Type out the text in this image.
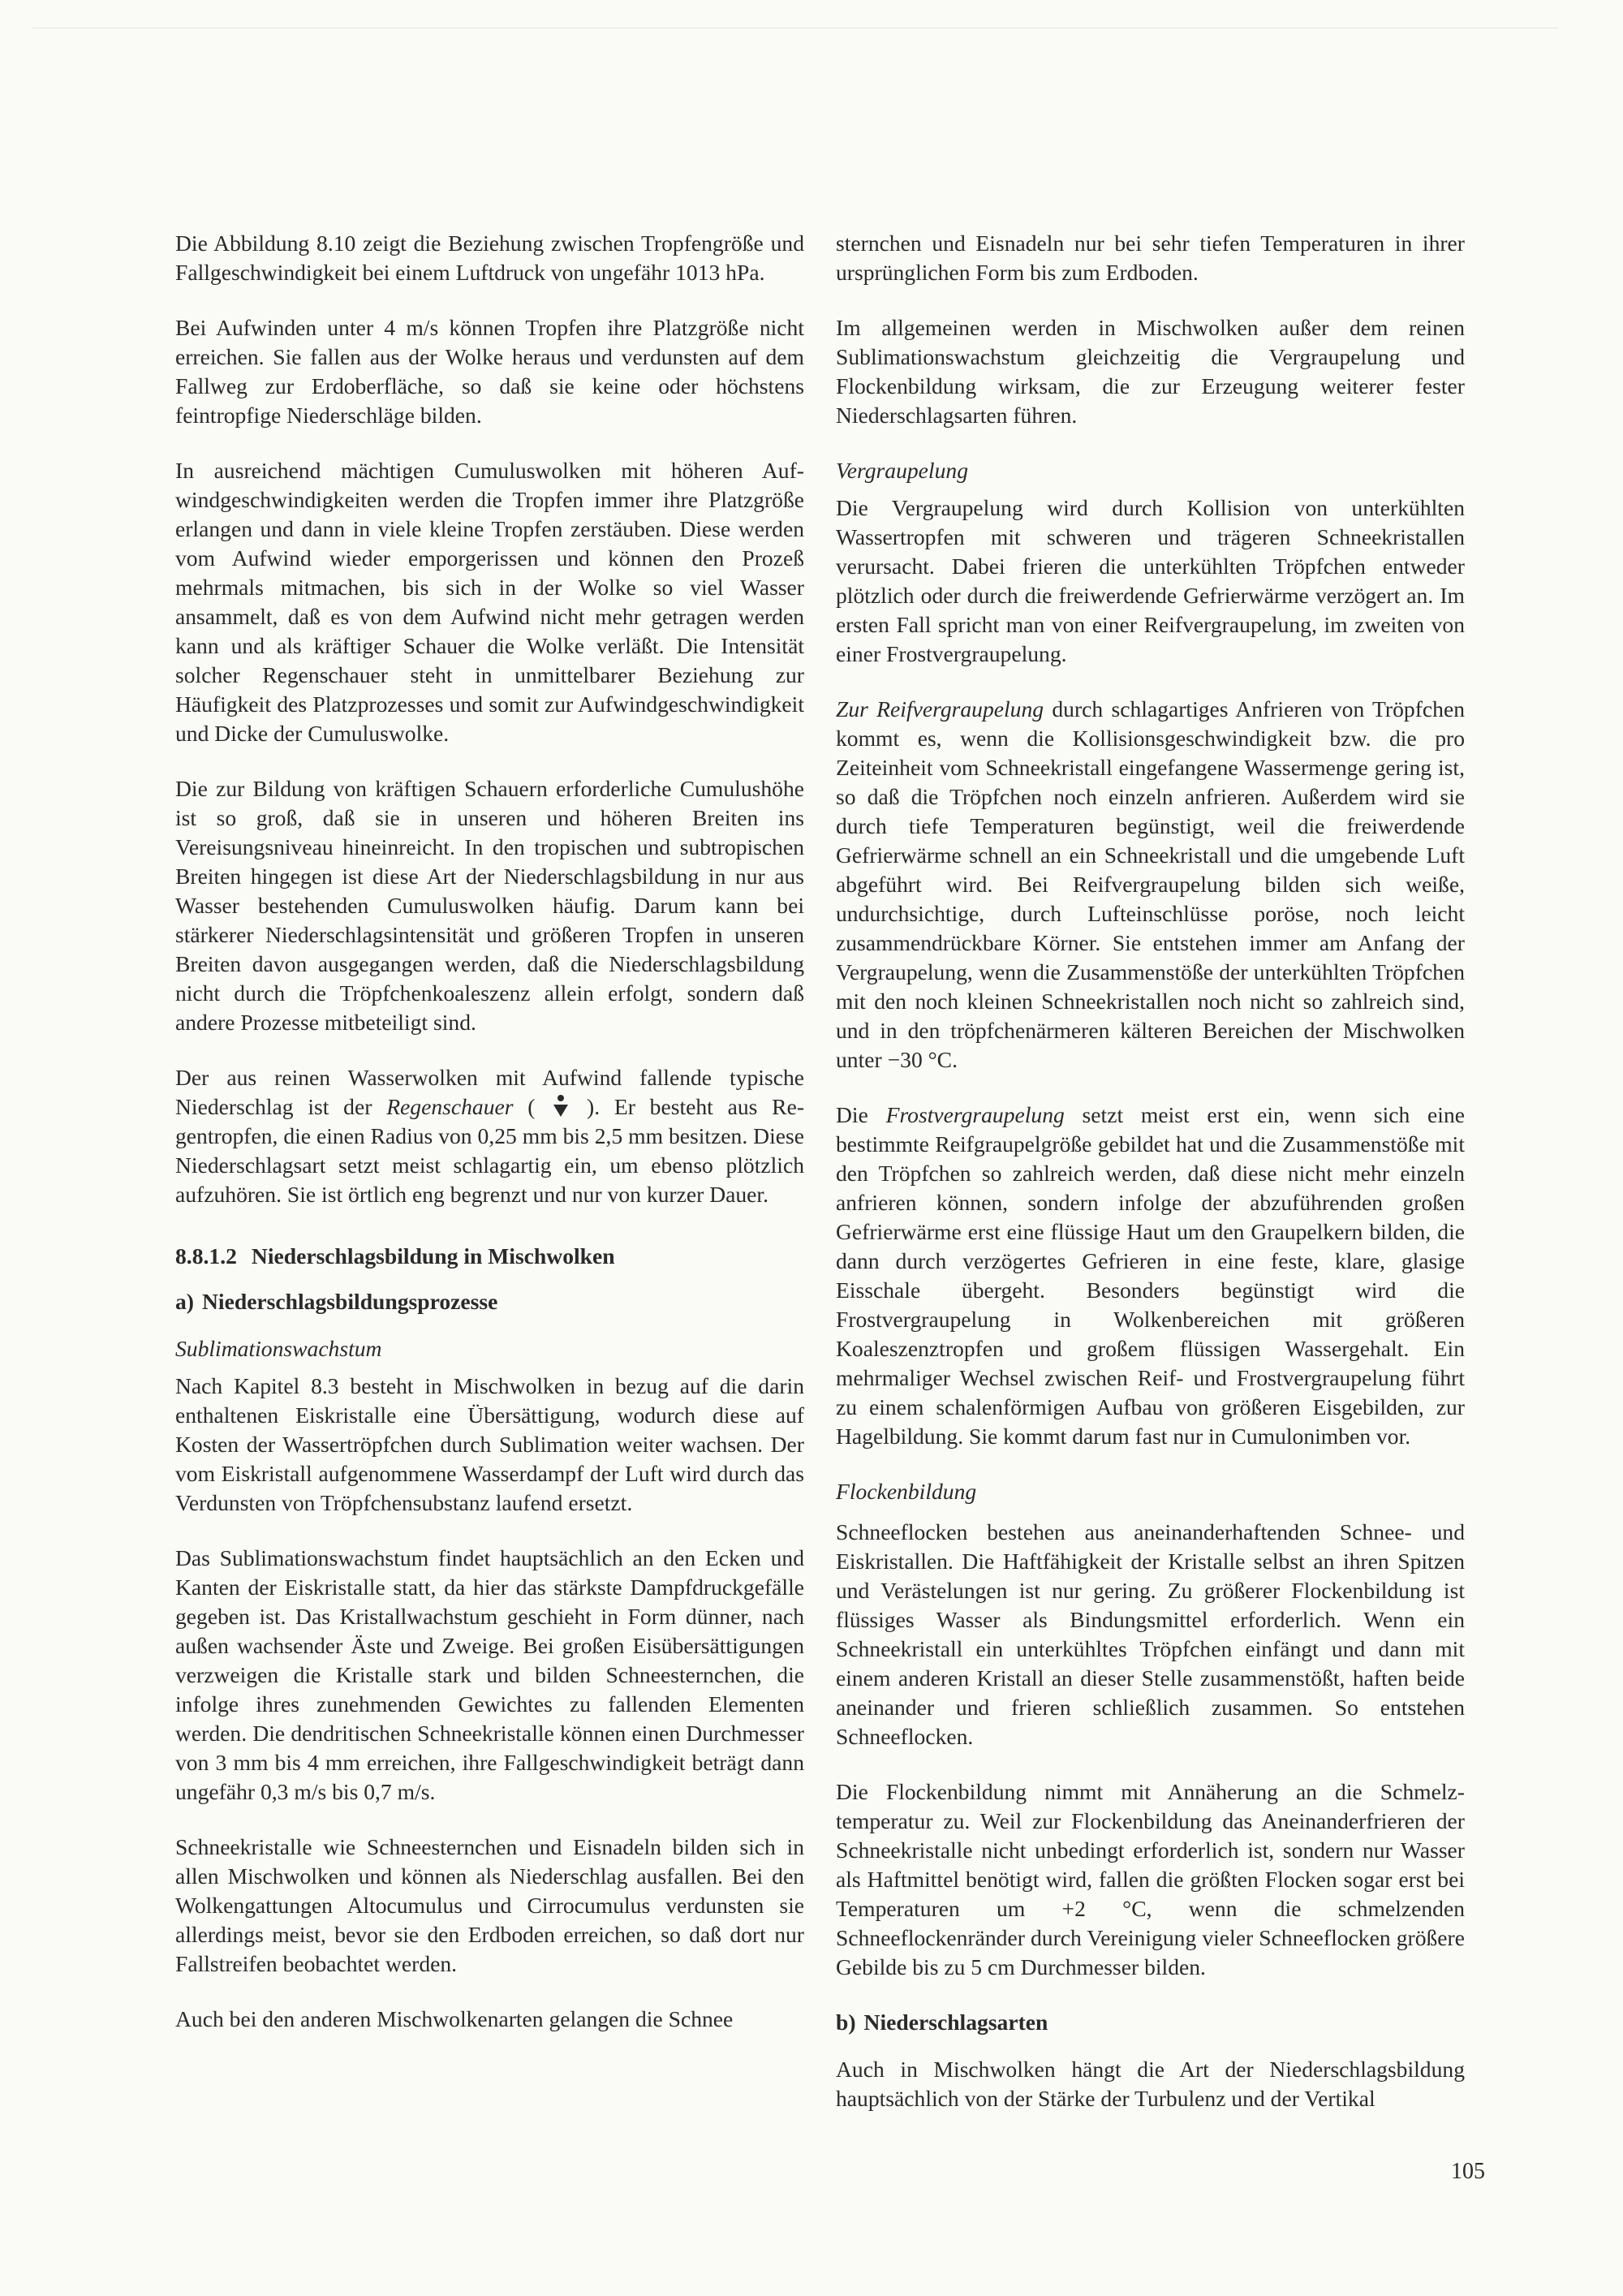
Die Abbildung 8.10 zeigt die Beziehung zwischen Tropfengröße und Fallgeschwindigkeit bei einem Luftdruck von ungefähr 1013 hPa.

Bei Aufwinden unter 4 m/s können Tropfen ihre Platzgröße nicht erreichen. Sie fallen aus der Wolke heraus und verdunsten auf dem Fallweg zur Erdoberfläche, so daß sie keine oder höchstens feintropfige Niederschläge bilden.

In ausreichend mächtigen Cumuluswolken mit höheren Aufwindgeschwindigkeiten werden die Tropfen immer ihre Platzgröße erlangen und dann in viele kleine Tropfen zerstäuben. Diese werden vom Aufwind wieder emporgerissen und können den Prozeß mehrmals mitmachen, bis sich in der Wolke so viel Wasser ansammelt, daß es von dem Aufwind nicht mehr getragen werden kann und als kräftiger Schauer die Wolke verläßt. Die Intensität solcher Regenschauer steht in unmittelbarer Beziehung zur Häufigkeit des Platzprozesses und somit zur Aufwindgeschwindigkeit und Dicke der Cumuluswolke.

Die zur Bildung von kräftigen Schauern erforderliche Cumulushöhe ist so groß, daß sie in unseren und höheren Breiten ins Vereisungsniveau hineinreicht. In den tropischen und subtropischen Breiten hingegen ist diese Art der Niederschlagsbildung in nur aus Wasser bestehenden Cumuluswolken häufig. Darum kann bei stärkerer Niederschlagsintensität und größeren Tropfen in unseren Breiten davon ausgegangen werden, daß die Niederschlagsbildung nicht durch die Tröpfchenkoaleszenz allein erfolgt, sondern daß andere Prozesse mitbeteiligt sind.

Der aus reinen Wasserwolken mit Aufwind fallende typische Niederschlag ist der Regenschauer (
). Er besteht aus Regentropfen, die einen Radius von 0,25 mm bis 2,5 mm besitzen. Diese Niederschlagsart setzt meist schlagartig ein, um ebenso plötzlich aufzuhören. Sie ist örtlich eng begrenzt und nur von kurzer Dauer.

8.8.1.2 Niederschlagsbildung in Mischwolken
a) Niederschlagsbildungsprozesse
Sublimationswachstum

Nach Kapitel 8.3 besteht in Mischwolken in bezug auf die darin enthaltenen Eiskristalle eine Übersättigung, wodurch diese auf Kosten der Wassertröpfchen durch Sublimation weiter wachsen. Der vom Eiskristall aufgenommene Wasserdampf der Luft wird durch das Verdunsten von Tröpfchensubstanz laufend ersetzt.

Das Sublimationswachstum findet hauptsächlich an den Ecken und Kanten der Eiskristalle statt, da hier das stärkste Dampfdruckgefälle gegeben ist. Das Kristallwachstum geschieht in Form dünner, nach außen wachsender Äste und Zweige. Bei großen Eisübersättigungen verzweigen die Kristalle stark und bilden Schneesternchen, die infolge ihres zunehmenden Gewichtes zu fallenden Elementen werden. Die dendritischen Schneekristalle können einen Durchmesser von 3 mm bis 4 mm erreichen, ihre Fallgeschwindigkeit beträgt dann ungefähr 0,3 m/s bis 0,7 m/s.

Schneekristalle wie Schneesternchen und Eisnadeln bilden sich in allen Mischwolken und können als Niederschlag ausfallen. Bei den Wolkengattungen Altocumulus und Cirrocumulus verdunsten sie allerdings meist, bevor sie den Erdboden erreichen, so daß dort nur Fallstreifen beobachtet werden.

Auch bei den anderen Mischwolkenarten gelangen die Schnee

sternchen und Eisnadeln nur bei sehr tiefen Temperaturen in ihrer ursprünglichen Form bis zum Erdboden.

Im allgemeinen werden in Mischwolken außer dem reinen Sublimationswachstum gleichzeitig die Vergraupelung und Flockenbildung wirksam, die zur Erzeugung weiterer fester Niederschlagsarten führen.

Vergraupelung

Die Vergraupelung wird durch Kollision von unterkühlten Wassertropfen mit schweren und trägeren Schneekristallen verursacht. Dabei frieren die unterkühlten Tröpfchen entweder plötzlich oder durch die freiwerdende Gefrierwärme verzögert an. Im ersten Fall spricht man von einer Reifvergraupelung, im zweiten von einer Frostvergraupelung.

Zur Reifvergraupelung durch schlagartiges Anfrieren von Tröpfchen kommt es, wenn die Kollisionsgeschwindigkeit bzw. die pro Zeiteinheit vom Schneekristall eingefangene Wassermenge gering ist, so daß die Tröpfchen noch einzeln anfrieren. Außerdem wird sie durch tiefe Temperaturen begünstigt, weil die freiwerdende Gefrierwärme schnell an ein Schneekristall und die umgebende Luft abgeführt wird. Bei Reifvergraupelung bilden sich weiße, undurchsichtige, durch Lufteinschlüsse poröse, noch leicht zusammendrückbare Körner. Sie entstehen immer am Anfang der Vergraupelung, wenn die Zusammenstöße der unterkühlten Tröpfchen mit den noch kleinen Schneekristallen noch nicht so zahlreich sind, und in den tröpfchenärmeren kälteren Bereichen der Mischwolken unter −30 °C.

Die Frostvergraupelung setzt meist erst ein, wenn sich eine bestimmte Reifgraupelgröße gebildet hat und die Zusammenstöße mit den Tröpfchen so zahlreich werden, daß diese nicht mehr einzeln anfrieren können, sondern infolge der abzuführenden großen Gefrierwärme erst eine flüssige Haut um den Graupelkern bilden, die dann durch verzögertes Gefrieren in eine feste, klare, glasige Eisschale übergeht. Besonders begünstigt wird die Frostvergraupelung in Wolkenbereichen mit größeren Koaleszenztropfen und großem flüssigen Wassergehalt. Ein mehrmaliger Wechsel zwischen Reif- und Frostvergraupelung führt zu einem schalenförmigen Aufbau von größeren Eisgebilden, zur Hagelbildung. Sie kommt darum fast nur in Cumulonimben vor.

Flockenbildung

Schneeflocken bestehen aus aneinanderhaftenden Schnee- und Eiskristallen. Die Haftfähigkeit der Kristalle selbst an ihren Spitzen und Verästelungen ist nur gering. Zu größerer Flockenbildung ist flüssiges Wasser als Bindungsmittel erforderlich. Wenn ein Schneekristall ein unterkühltes Tröpfchen einfängt und dann mit einem anderen Kristall an dieser Stelle zusammenstößt, haften beide aneinander und frieren schließlich zusammen. So entstehen Schneeflocken.

Die Flockenbildung nimmt mit Annäherung an die Schmelztemperatur zu. Weil zur Flockenbildung das Aneinanderfrieren der Schneekristalle nicht unbedingt erforderlich ist, sondern nur Wasser als Haftmittel benötigt wird, fallen die größten Flocken sogar erst bei Temperaturen um +2 °C, wenn die schmelzenden Schneeflockenränder durch Vereinigung vieler Schneeflocken größere Gebilde bis zu 5 cm Durchmesser bilden.

b) Niederschlagsarten

Auch in Mischwolken hängt die Art der Niederschlagsbildung hauptsächlich von der Stärke der Turbulenz und der Vertikal

105
